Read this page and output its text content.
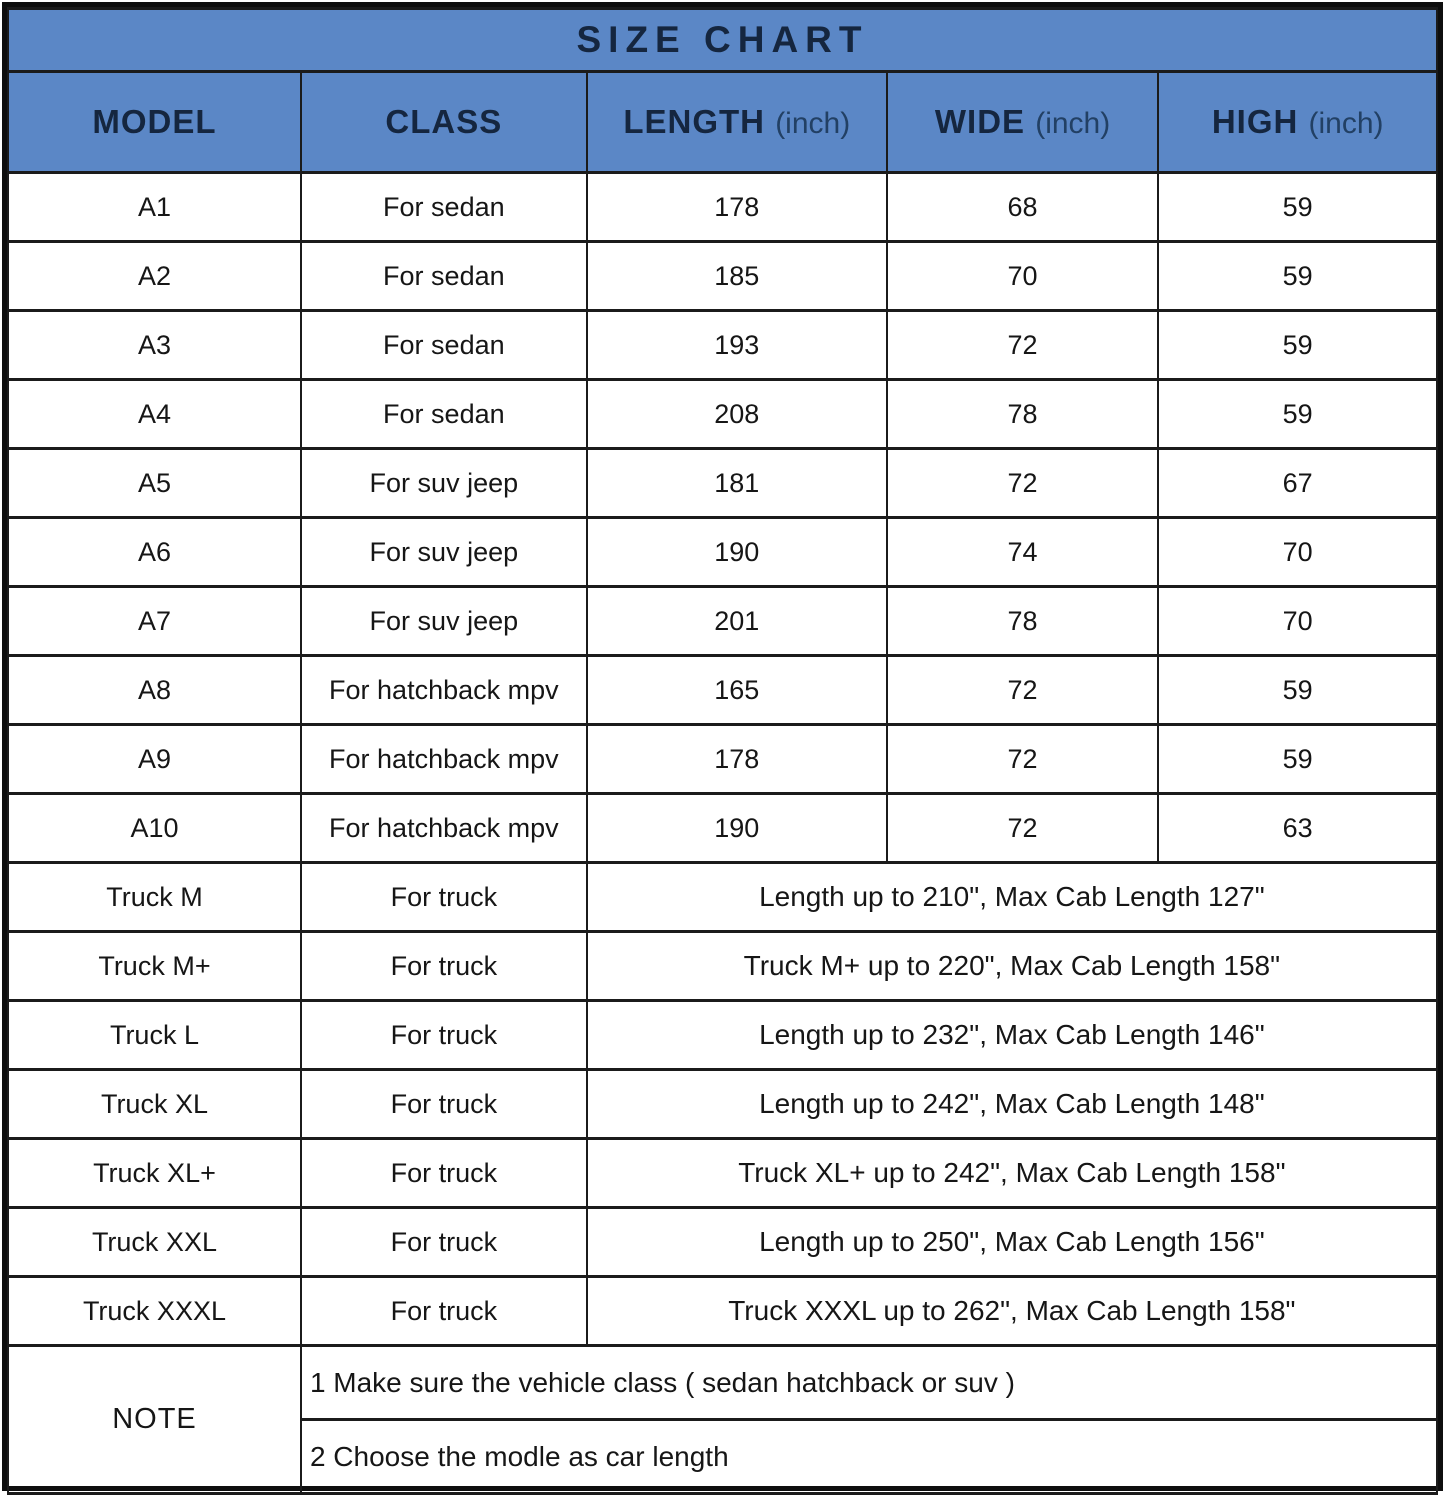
SIZE CHART				
MODEL	CLASS	LENGTH (inch)	WIDE (inch)	HIGH (inch)
A1	For sedan	178	68	59
A2	For sedan	185	70	59
A3	For sedan	193	72	59
A4	For sedan	208	78	59
A5	For suv jeep	181	72	67
A6	For suv jeep	190	74	70
A7	For suv jeep	201	78	70
A8	For hatchback mpv	165	72	59
A9	For hatchback mpv	178	72	59
A10	For hatchback mpv	190	72	63
Truck M	For truck	Length up to 210", Max Cab Length 127"		
Truck M+	For truck	Truck M+ up to 220", Max Cab Length 158"		
Truck L	For truck	Length up to 232", Max Cab Length 146"		
Truck XL	For truck	Length up to 242", Max Cab Length 148"		
Truck XL+	For truck	Truck XL+ up to 242", Max Cab Length 158"		
Truck XXL	For truck	Length up to 250", Max Cab Length 156"		
Truck XXXL	For truck	Truck XXXL up to 262", Max Cab Length 158"		
NOTE	1 Make sure the vehicle class ( sedan hatchback or suv )			
	2 Choose the modle as car length			
